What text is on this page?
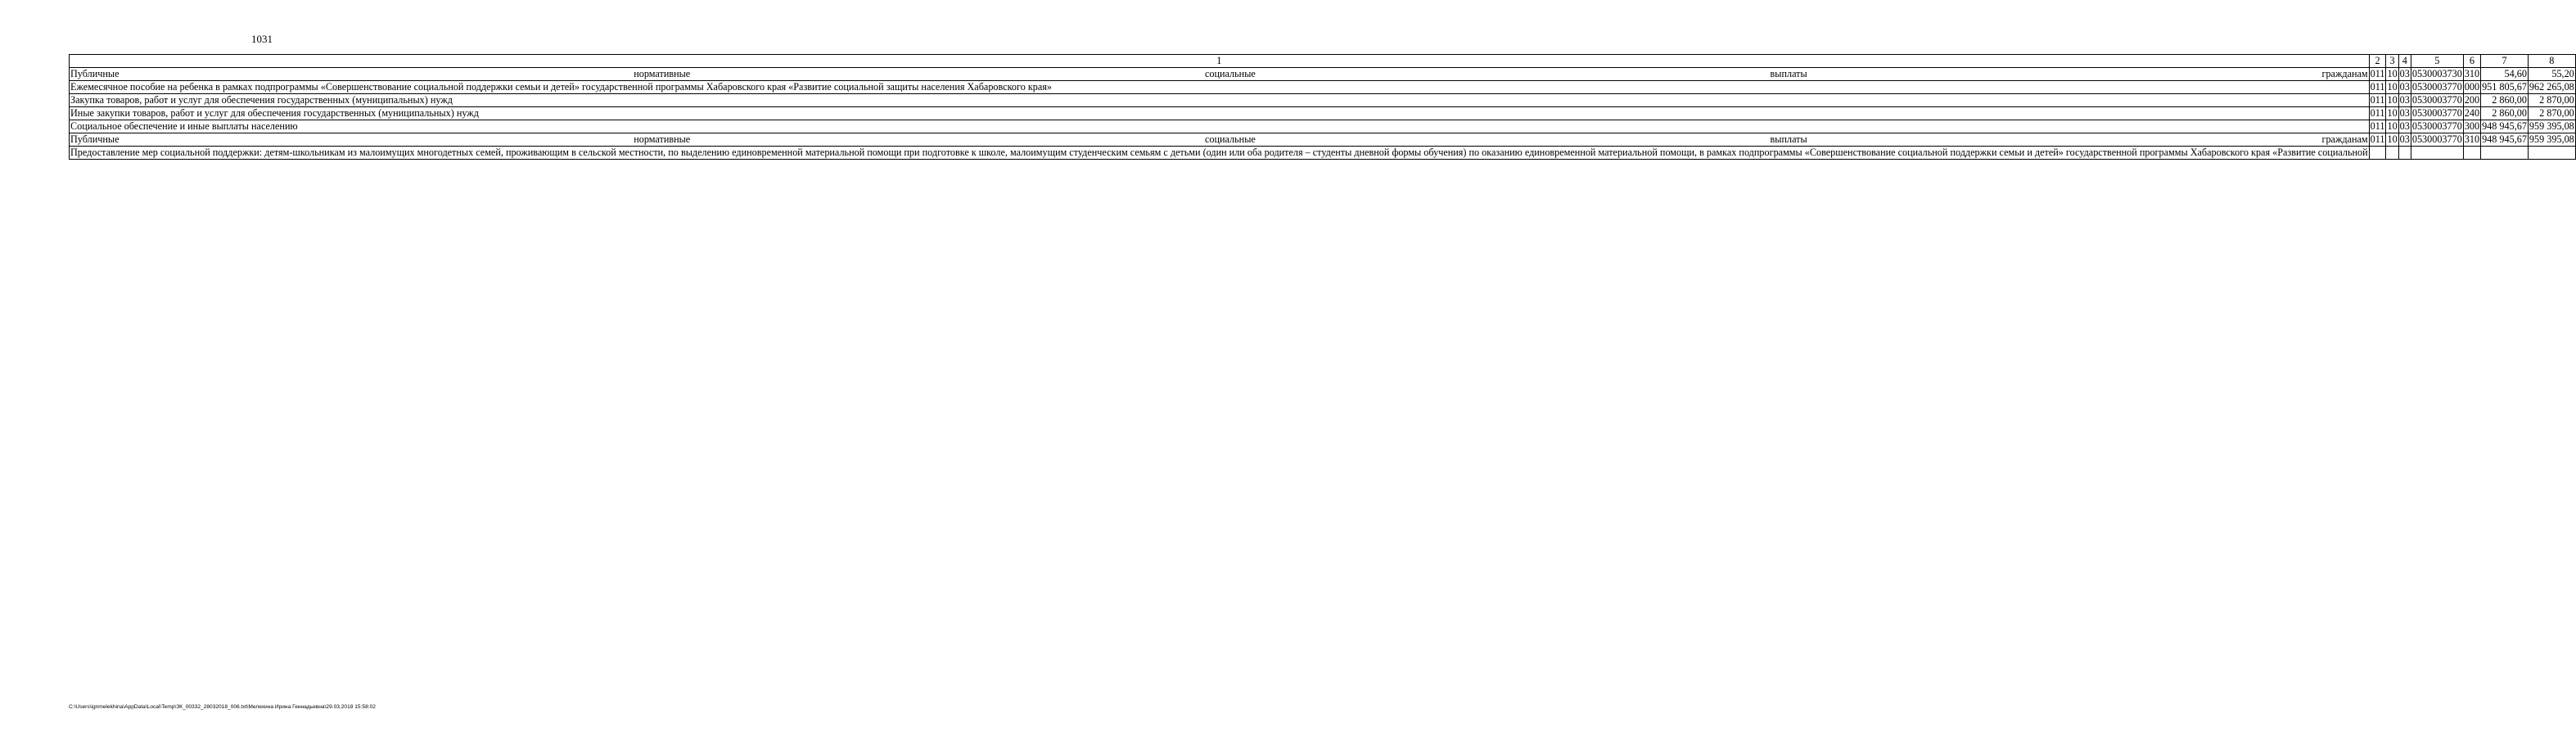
1031
1	2	3	4	5	6	7	8
Публичные нормативные социальные выплаты гражданам	011	10	03	0530003730	310	54,60	55,20
Ежемесячное пособие на ребенка в рамках подпрограммы «Совершенствование социальной поддержки семьи и детей» государственной программы Хабаровского края «Развитие социальной защиты населения Хабаровского края»	011	10	03	0530003770	000	951 805,67	962 265,08
Закупка товаров, работ и услуг для обеспечения государственных (муниципальных) нужд	011	10	03	0530003770	200	2 860,00	2 870,00
Иные закупки товаров, работ и услуг для обеспечения государственных (муниципальных) нужд	011	10	03	0530003770	240	2 860,00	2 870,00
Социальное обеспечение и иные выплаты населению	011	10	03	0530003770	300	948 945,67	959 395,08
Публичные нормативные социальные выплаты гражданам	011	10	03	0530003770	310	948 945,67	959 395,08
Предоставление мер социальной поддержки: детям-школьникам из малоимущих многодетных семей, проживающим в сельской местности, по выделению единовременной материальной помощи при подготовке к школе, малоимущим студенческим семьям с детьми (один или оба родителя – студенты дневной формы обучения) по оказанию единовременной материальной помощи, в рамках подпрограммы «Совершенствование социальной поддержки семьи и детей» государственной программы Хабаровского края «Развитие социальной							
C:\Users\ignmelekhina\AppData\Local\Temp\ЗК_00332_28032018_006.txt\Мелехина Ирина Геннадьевна\29.03.2018 15:58:02
